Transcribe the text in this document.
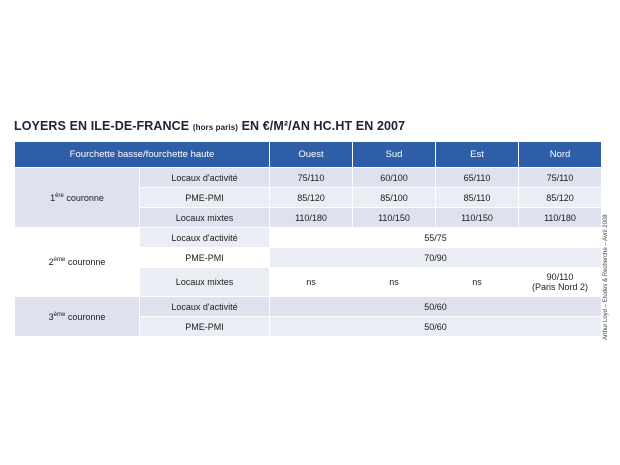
LOYERS EN ILE-DE-FRANCE (hors paris) EN €/M²/AN HC.HT EN 2007
Fourchette basse/fourchette haute		Ouest	Sud	Est	Nord
1ère couronne	Locaux d'activité	75/110	60/100	65/110	75/110
	PME-PMI	85/120	85/100	85/110	85/120
	Locaux mixtes	110/180	110/150	110/150	110/180
2ème couronne	Locaux d'activité	55/75			
	PME-PMI	70/90			
	Locaux mixtes	ns	ns	ns	90/110
(Paris Nord 2)
3ème couronne	Locaux d'activité	50/60			
	PME-PMI	50/60				Arthur Loyd – Etudes & Recherche – Avril 2008
